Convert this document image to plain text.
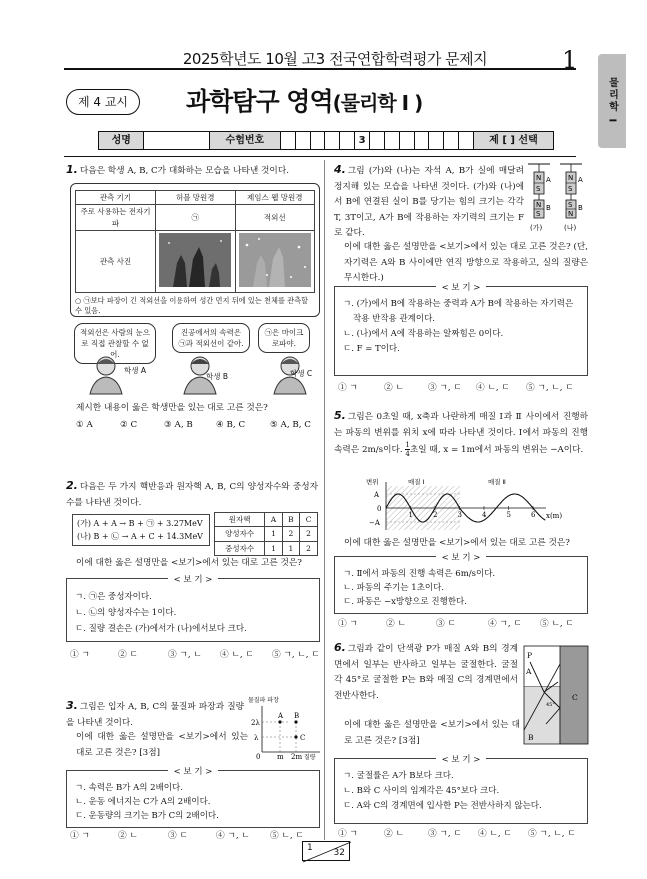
2025학년도 10월 고3 전국연합학력평가 문제지	1
물리학 I
제 4 교시	과학탐구 영역(물리학 I )
성명	수험번호	3	제 [ ] 선택
1. 다음은 학생 A, B, C가 대화하는 모습을 나타낸 것이다.
관측 기기	허블 망원경	제임스 웹 망원경
주로 사용하는 전자기파	㉠	적외선
관측 사진		
○ ㉠보다 파장이 긴 적외선을 이용하여 성간 먼지 뒤에 있는 천체를 관측할 수 있음.
적외선은 사람의 눈으로 직접 관찰할 수 없어.
진공에서의 속력은 ㉠과 적외선이 같아.
㉠은 마이크로파야.
학생 A
학생 B	학생 C
제시한 내용이 옳은 학생만을 있는 대로 고른 것은?
① A	② C	③ A, B	④ B, C	⑤ A, B, C
2. 다음은 두 가지 핵반응과 원자핵 A, B, C의 양성자수와 중성자수를 나타낸 것이다.
(가) A + A → B + ㉠ + 3.27MeV
(나) B + ㉡ → A + C + 14.3MeV
원자핵	A	B	C
양성자수	1	2	2
중성자수	1	1	2
이에 대한 옳은 설명만을 <보기>에서 있는 대로 고른 것은?
< 보 기 >
ㄱ. ㉠은 중성자이다.
ㄴ. ㉡의 양성자수는 1이다.
ㄷ. 질량 결손은 (가)에서가 (나)에서보다 크다.
① ㄱ	② ㄷ	③ ㄱ, ㄴ	④ ㄴ, ㄷ	⑤ ㄱ, ㄴ, ㄷ
3. 그림은 입자 A, B, C의 물질파 파장과 질량을 나타낸 것이다.
이에 대한 옳은 설명만을 <보기>에서 있는 대로 고른 것은? [3점]
물질파 파장
2λ
λ
0 m 2m 질량
A B
C
< 보 기 >
ㄱ. 속력은 B가 A의 2배이다.
ㄴ. 운동 에너지는 C가 A의 2배이다.
ㄷ. 운동량의 크기는 B가 C의 2배이다.
① ㄱ	② ㄴ	③ ㄷ	④ ㄱ, ㄴ	⑤ ㄴ, ㄷ
4. 그림 (가)와 (나)는 자석 A, B가 실에 매달려 정지해 있는 모습을 나타낸 것이다. (가)와 (나)에서 B에 연결된 실이 B를 당기는 힘의 크기는 각각 T, 3T이고, A가 B에 작용하는 자기력의 크기는 F로 같다.
N
S
A
N
S
B
(가)
N
S
A
S
N
B
(나)
이에 대한 옳은 설명만을 <보기>에서 있는 대로 고른 것은? (단, 자기력은 A와 B 사이에만 연직 방향으로 작용하고, 실의 질량은 무시한다.)
< 보 기 >
ㄱ. (가)에서 B에 작용하는 중력과 A가 B에 작용하는 자기력은 작용 반작용 관계이다.
ㄴ. (나)에서 A에 작용하는 알짜힘은 0이다.
ㄷ. F = T이다.
① ㄱ	② ㄴ	③ ㄱ, ㄷ	④ ㄴ, ㄷ	⑤ ㄱ, ㄴ, ㄷ
5. 그림은 0초일 때, x축과 나란하게 매질 Ⅰ과 Ⅱ 사이에서 진행하는 파동의 변위를 위치 x에 따라 나타낸 것이다. Ⅰ에서 파동의 진행 속력은 2m/s이다. $\frac{1}{4}$ 초일 때, x = 1m에서 파동의 변위는 −A이다.
변위	매질 Ⅰ	매질 Ⅱ
A
0
−A
x(m)
1	2	3	4	5	6
이에 대한 옳은 설명만을 <보기>에서 있는 대로 고른 것은?
< 보 기 >
ㄱ. Ⅱ에서 파동의 진행 속력은 6m/s이다.
ㄴ. 파동의 주기는 1초이다.
ㄷ. 파동은 −x방향으로 진행한다.
① ㄱ	② ㄴ	③ ㄷ	④ ㄱ, ㄷ	⑤ ㄴ, ㄷ
6. 그림과 같이 단색광 P가 매질 A와 B의 경계면에서 일부는 반사하고 일부는 굴절한다. 굴절각 45°로 굴절한 P는 B와 매질 C의 경계면에서 전반사한다.
이에 대한 옳은 설명만을 <보기>에서 있는 대로 고른 것은? [3점]
P
A
B
C
45°
< 보 기 >
ㄱ. 굴절률은 A가 B보다 크다.
ㄴ. B와 C 사이의 임계각은 45°보다 크다.
ㄷ. A와 C의 경계면에 입사한 P는 전반사하지 않는다.
① ㄱ	② ㄴ	③ ㄱ, ㄷ	④ ㄴ, ㄷ	⑤ ㄱ, ㄴ, ㄷ
1 32
